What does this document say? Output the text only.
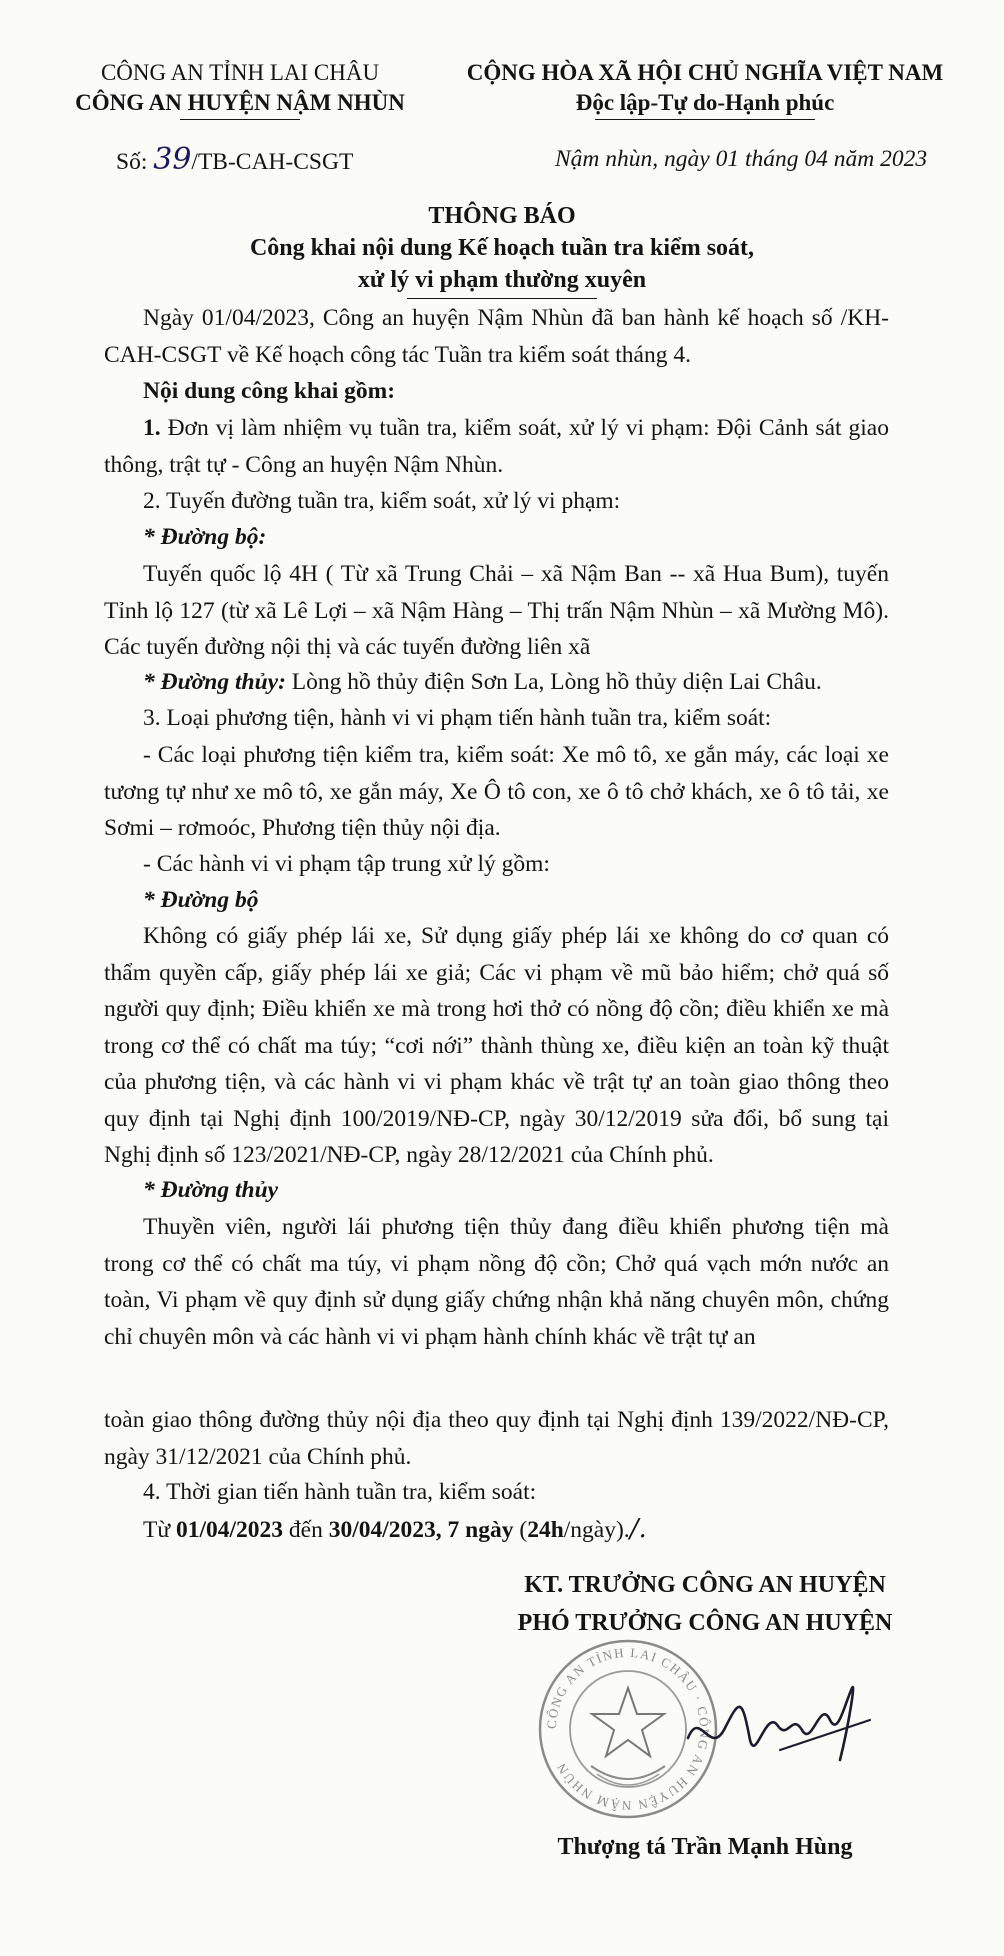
CÔNG AN TỈNH LAI CHÂU
CÔNG AN HUYỆN NẬM NHÙN
CỘNG HÒA XÃ HỘI CHỦ NGHĨA VIỆT NAM
Độc lập-Tự do-Hạnh phúc
Số: 39/TB-CAH-CSGT	Nậm nhùn, ngày 01 tháng 04 năm 2023
THÔNG BÁO
Công khai nội dung Kế hoạch tuần tra kiểm soát,
xử lý vi phạm thường xuyên
Ngày 01/04/2023, Công an huyện Nậm Nhùn đã ban hành kế hoạch số /KH-CAH-CSGT về Kế hoạch công tác Tuần tra kiểm soát tháng 4.
Nội dung công khai gồm:
1. Đơn vị làm nhiệm vụ tuần tra, kiểm soát, xử lý vi phạm: Đội Cảnh sát giao thông, trật tự - Công an huyện Nậm Nhùn.
2. Tuyến đường tuần tra, kiểm soát, xử lý vi phạm:
* Đường bộ:
Tuyến quốc lộ 4H ( Từ xã Trung Chải – xã Nậm Ban -- xã Hua Bum), tuyến Tỉnh lộ 127 (từ xã Lê Lợi – xã Nậm Hàng – Thị trấn Nậm Nhùn – xã Mường Mô). Các tuyến đường nội thị và các tuyến đường liên xã
* Đường thủy: Lòng hồ thủy điện Sơn La, Lòng hồ thủy diện Lai Châu.
3. Loại phương tiện, hành vi vi phạm tiến hành tuần tra, kiểm soát:
- Các loại phương tiện kiểm tra, kiểm soát: Xe mô tô, xe gắn máy, các loại xe tương tự như xe mô tô, xe gắn máy, Xe Ô tô con, xe ô tô chở khách, xe ô tô tải, xe Sơmi – rơmoóc, Phương tiện thủy nội địa.
- Các hành vi vi phạm tập trung xử lý gồm:
* Đường bộ
Không có giấy phép lái xe, Sử dụng giấy phép lái xe không do cơ quan có thẩm quyền cấp, giấy phép lái xe giả; Các vi phạm về mũ bảo hiểm; chở quá số người quy định; Điều khiển xe mà trong hơi thở có nồng độ cồn; điều khiển xe mà trong cơ thể có chất ma túy; “cơi nới” thành thùng xe, điều kiện an toàn kỹ thuật của phương tiện, và các hành vi vi phạm khác về trật tự an toàn giao thông theo quy định tại Nghị định 100/2019/NĐ-CP, ngày 30/12/2019 sửa đổi, bổ sung tại Nghị định số 123/2021/NĐ-CP, ngày 28/12/2021 của Chính phủ.
* Đường thủy
Thuyền viên, người lái phương tiện thủy đang điều khiển phương tiện mà trong cơ thể có chất ma túy, vi phạm nồng độ cồn; Chở quá vạch mớn nước an toàn, Vi phạm về quy định sử dụng giấy chứng nhận khả năng chuyên môn, chứng chỉ chuyên môn và các hành vi vi phạm hành chính khác về trật tự an
toàn giao thông đường thủy nội địa theo quy định tại Nghị định 139/2022/NĐ-CP, ngày 31/12/2021 của Chính phủ.
4. Thời gian tiến hành tuần tra, kiểm soát:
Từ 01/04/2023 đến 30/04/2023, 7 ngày (24h/ngày)./.
KT. TRƯỞNG CÔNG AN HUYỆN
PHÓ TRƯỞNG CÔNG AN HUYỆN
CÔNG AN TỈNH LAI CHÂU · CÔNG AN HUYỆN NẬM NHÙN
Thượng tá Trần Mạnh Hùng
